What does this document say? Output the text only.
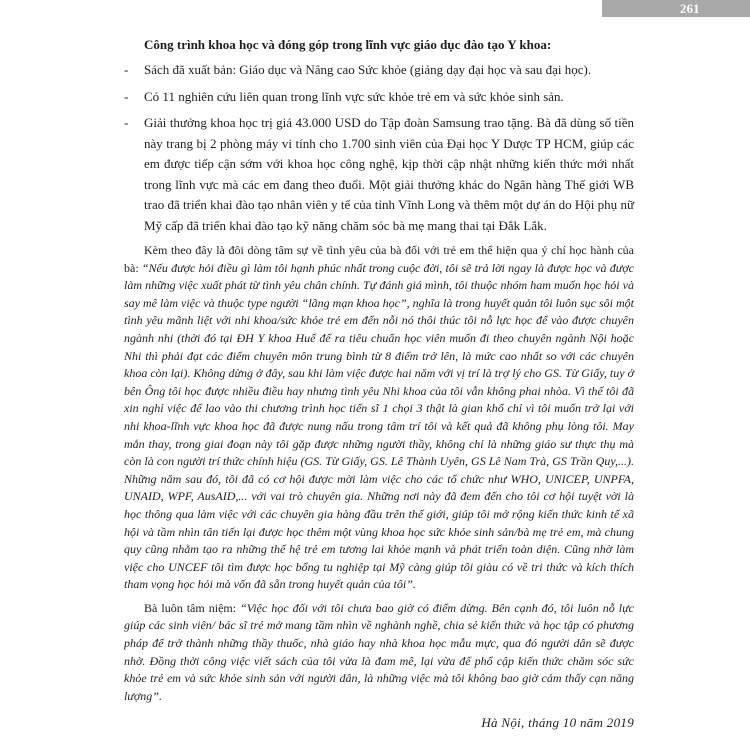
261
Công trình khoa học và đóng góp trong lĩnh vực giáo dục đào tạo Y khoa:
- Sách đã xuất bản: Giáo dục và Nâng cao Sức khỏe (giảng dạy đại học và sau đại học).
- Có 11 nghiên cứu liên quan trong lĩnh vực sức khỏe trẻ em và sức khỏe sinh sản.
- Giải thưởng khoa học trị giá 43.000 USD do Tập đoàn Samsung trao tặng. Bà đã dùng số tiền này trang bị 2 phòng máy vi tính cho 1.700 sinh viên của Đại học Y Dược TP HCM, giúp các em được tiếp cận sớm với khoa học công nghệ, kịp thời cập nhật những kiến thức mới nhất trong lĩnh vực mà các em đang theo đuổi. Một giải thưởng khác do Ngân hàng Thế giới WB trao đã triển khai đào tạo nhân viên y tế của tỉnh Vĩnh Long và thêm một dự án do Hội phụ nữ Mỹ cấp đã triển khai đào tạo kỹ năng chăm sóc bà mẹ mang thai tại Đắk Lắk.

Kèm theo đây là đôi dòng tâm sự về tình yêu của bà đối với trẻ em thể hiện qua ý chí học hành của bà: “Nếu được hỏi điều gì làm tôi hạnh phúc nhất trong cuộc đời, tôi sẽ trả lời ngay là được học và được làm những việc xuất phát từ tình yêu chân chính. Tự đánh giá mình, tôi thuộc nhóm ham muốn học hỏi và say mê làm việc và thuộc type người “lãng mạn khoa học”, nghĩa là trong huyết quản tôi luôn sục sôi một tình yêu mãnh liệt với nhi khoa/sức khỏe trẻ em đến nỗi nó thôi thúc tôi nỗ lực học để vào được chuyên ngành nhi (thời đó tại ĐH Y khoa Huế để ra tiêu chuẩn học viên muốn đi theo chuyên ngành Nội hoặc Nhi thì phải đạt các điểm chuyên môn trung bình từ 8 điểm trở lên, là mức cao nhất so với các chuyên khoa còn lại). Không dừng ở đây, sau khi làm việc được hai năm với vị trí là trợ lý cho GS. Từ Giấy, tuy ở bên Ông tôi học được nhiều điều hay nhưng tình yêu Nhi khoa của tôi vẫn không phai nhòa. Vì thế tôi đã xin nghỉ việc để lao vào thi chương trình học tiến sĩ 1 chọi 3 thật là gian khổ chỉ vì tôi muốn trở lại với nhi khoa-lĩnh vực khoa học đã được nung nấu trong tâm trí tôi và kết quả đã không phụ lòng tôi. May mắn thay, trong giai đoạn này tôi gặp được những người thầy, không chỉ là những giáo sư thực thụ mà còn là con người trí thức chính hiệu (GS. Từ Giấy, GS. Lê Thành Uyên, GS Lê Nam Trà, GS Trần Quy,...). Những năm sau đó, tôi đã có cơ hội được mời làm việc cho các tổ chức như WHO, UNICEP, UNPFA, UNAID, WPF, AusAID,... với vai trò chuyên gia. Những nơi này đã đem đến cho tôi cơ hội tuyệt vời là học thông qua làm việc với các chuyên gia hàng đầu trên thế giới, giúp tôi mở rộng kiến thức kinh tế xã hội và tầm nhìn tân tiến lại được học thêm một vùng khoa học sức khỏe sinh sản/bà mẹ trẻ em, mà chung quy cũng nhằm tạo ra những thế hệ trẻ em tương lai khỏe mạnh và phát triển toàn diện. Cũng nhờ làm việc cho UNCEF tôi tìm được học bổng tu nghiệp tại Mỹ càng giúp tôi giàu có về tri thức và kích thích tham vọng học hỏi mà vốn đã sẵn trong huyết quản của tôi”.

Bà luôn tâm niệm: “Việc học đối với tôi chưa bao giờ có điểm dừng. Bên cạnh đó, tôi luôn nỗ lực giúp các sinh viên/ bác sĩ trẻ mở mang tầm nhìn về nghành nghề, chia sẻ kiến thức và học tập có phương pháp để trở thành những thầy thuốc, nhà giáo hay nhà khoa học mẫu mực, qua đó người dân sẽ được nhờ. Đồng thời công việc viết sách của tôi vừa là đam mê, lại vừa để phổ cập kiến thức chăm sóc sức khỏe trẻ em và sức khỏe sinh sản với người dân, là những việc mà tôi không bao giờ cảm thấy cạn năng lượng”.

Hà Nội, tháng 10 năm 2019
